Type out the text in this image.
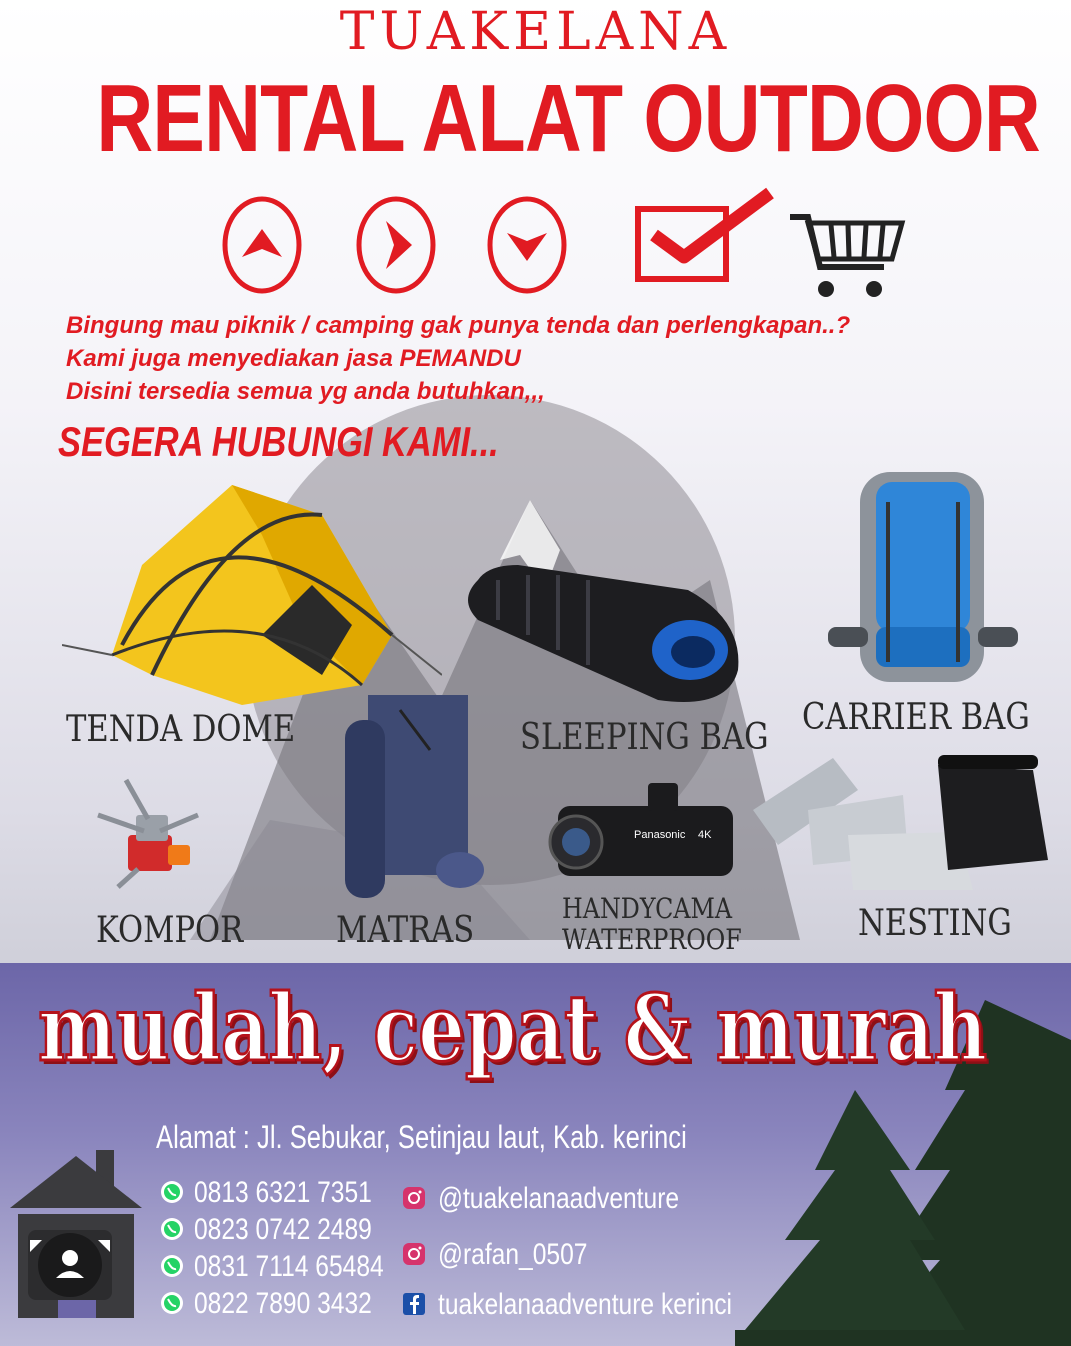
TUAKELANA
RENTAL ALAT OUTDOOR
Bingung mau piknik / camping gak punya tenda dan perlengkapan..?
Kami juga menyediakan jasa PEMANDU
Disini tersedia semua yg anda butuhkan,,,
SEGERA HUBUNGI KAMI...
TENDA DOME	SLEEPING BAG CARRIER BAG
KOMPOR	MATRAS
Panasonic 4K
HANDYCAMA
WATERPROOF	NESTING
mudah, cepat & murah
Alamat : Jl. Sebukar, Setinjau laut, Kab. kerinci
0813 6321 7351
0823 0742 2489
0831 7114 65484
0822 7890 3432
@tuakelanaadventure
@rafan_0507
tuakelanaadventure kerinci
